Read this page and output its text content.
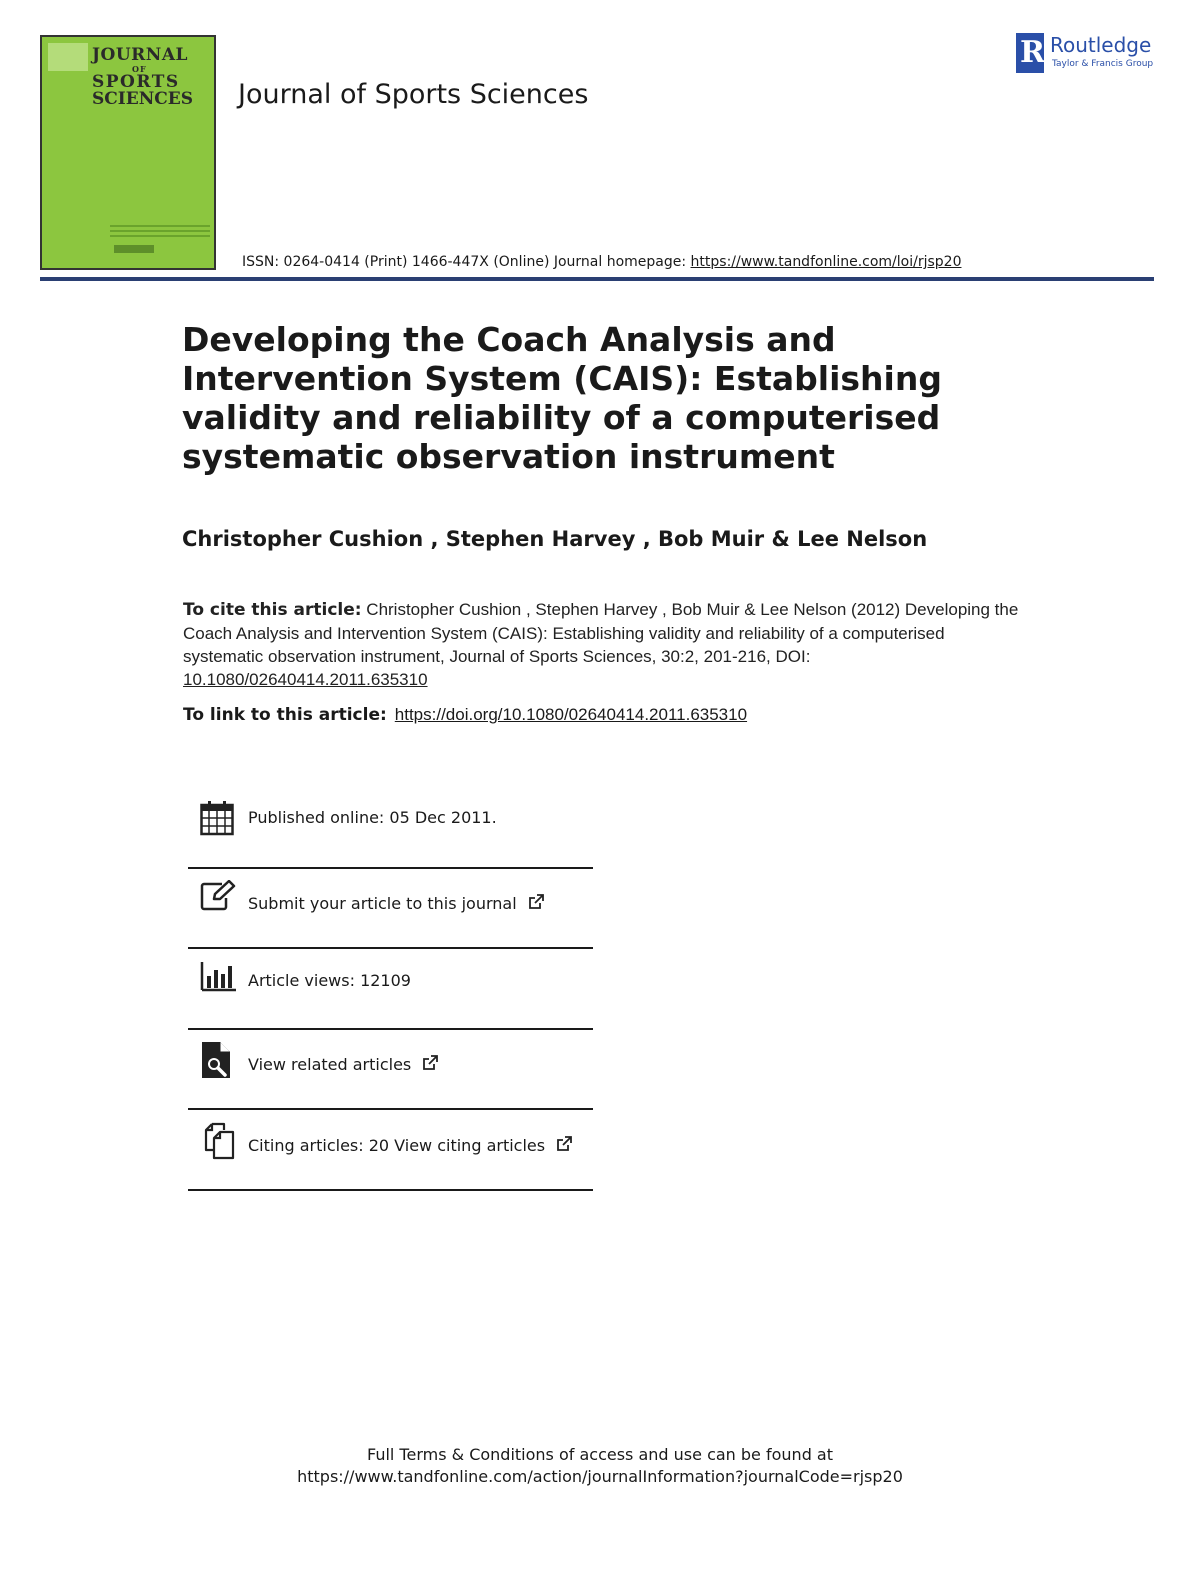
JOURNAL
OF
SPORTS
SCIENCES	Journal of Sports Sciences
R Routledge
Taylor & Francis Group
ISSN: 0264-0414 (Print) 1466-447X (Online) Journal homepage: https://www.tandfonline.com/loi/rjsp20
Developing the Coach Analysis and Intervention System (CAIS): Establishing validity and reliability of a computerised systematic observation instrument
Christopher Cushion , Stephen Harvey , Bob Muir & Lee Nelson
To cite this article: Christopher Cushion , Stephen Harvey , Bob Muir & Lee Nelson (2012) Developing the Coach Analysis and Intervention System (CAIS): Establishing validity and reliability of a computerised systematic observation instrument, Journal of Sports Sciences, 30:2, 201-216, DOI: 10.1080/02640414.2011.635310
To link to this article: https://doi.org/10.1080/02640414.2011.635310
Published online: 05 Dec 2011.
Submit your article to this journal
Article views: 12109
View related articles
Citing articles: 20 View citing articles
Full Terms & Conditions of access and use can be found at
https://www.tandfonline.com/action/journalInformation?journalCode=rjsp20
